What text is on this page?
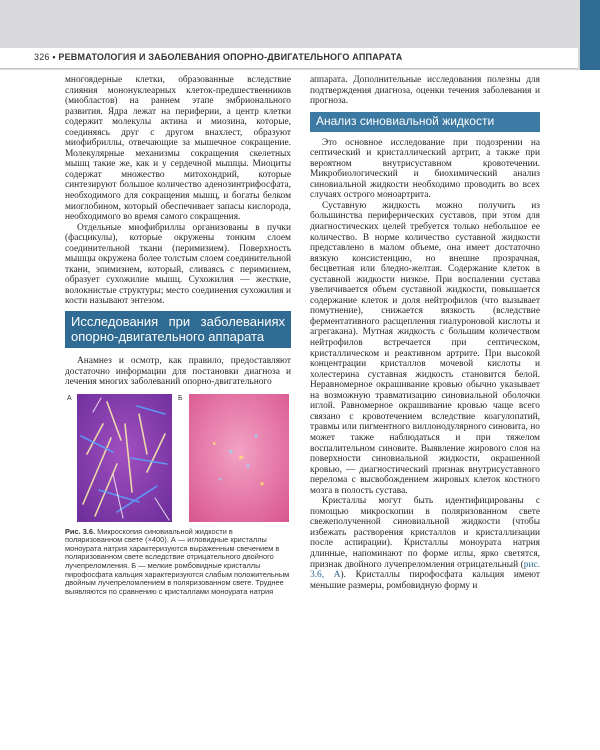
326 • РЕВМАТОЛОГИЯ И ЗАБОЛЕВАНИЯ ОПОРНО-ДВИГАТЕЛЬНОГО АППАРАТА

многоядерные клетки, образованные вследствие слияния мононуклеарных клеток-предшественников (миобластов) на раннем этапе эмбрионального развития. Ядра лежат на периферии, а центр клетки содержит молекулы актина и миозина, которые, соединяясь друг с другом внахлест, образуют миофибриллы, отвечающие за мышечное сокращение. Молекулярные механизмы сокращения скелетных мышц такие же, как и у сердечной мышцы. Миоциты содержат множество митохондрий, которые синтезируют большое количество аденозинтрифосфата, необходимого для сокращения мышц, и богаты белком миоглобином, который обеспечивает запасы кислорода, необходимого во время самого сокращения.

Отдельные миофибриллы организованы в пучки (фасцикулы), которые окружены тонким слоем соединительной ткани (перимизием). Поверхность мышцы окружена более толстым слоем соединительной ткани, эпимизием, который, сливаясь с перимизием, образует сухожилие мышц. Сухожилия — жесткие, волокнистые структуры; место соединения сухожилия и кости называют энтезом.

Исследования при заболеваниях опорно-двигательного аппарата

Анамнез и осмотр, как правило, предоставляют достаточно информации для постановки диагноза и лечения многих заболеваний опорно-двигательного

А	Б
Рис. 3.6. Микроскопия синовиальной жидкости в поляризованном свете (×400). А — игловидные кристаллы моноурата натрия характеризуются выраженным свечением в поляризованном свете вследствие отрицательного двойного лучепреломления. Б — мелкие ромбовидные кристаллы пирофосфата кальция характеризуются слабым положительным двойным лучепреломлением в поляризованном свете. Труднее выявляются по сравнению с кристаллами моноурата натрия

аппарата. Дополнительные исследования полезны для подтверждения диагноза, оценки течения заболевания и прогноза.

Анализ синовиальной жидкости

Это основное исследование при подозрении на септический и кристаллический артрит, а также при вероятном внутрисуставном кровотечении. Микробиологический и биохимический анализ синовиальной жидкости необходимо проводить во всех случаях острого моноартрита.

Суставную жидкость можно получить из большинства периферических суставов, при этом для диагностических целей требуется только небольшое ее количество. В норме количество суставной жидкости представлено в малом объеме, она имеет достаточно вязкую консистенцию, но внешне прозрачная, бесцветная или бледно-желтая. Содержание клеток в суставной жидкости низкое. При воспалении сустава увеличивается объем суставной жидкости, повышается содержание клеток и доля нейтрофилов (что вызывает помутнение), снижается вязкость (вследствие ферментативного расщепления гиалуроновой кислоты и агрегакана). Мутная жидкость с большим количеством нейтрофилов встречается при септическом, кристаллическом и реактивном артрите. При высокой концентрации кристаллов мочевой кислоты и холестерина суставная жидкость становится белой. Неравномерное окрашивание кровью обычно указывает на возможную травматизацию синовиальной оболочки иглой. Равномерное окрашивание кровью чаще всего связано с кровотечением вследствие коагулопатий, травмы или пигментного виллонодулярного синовита, но может также наблюдаться и при тяжелом воспалительном синовите. Выявление жирового слоя на поверхности синовиальной жидкости, окрашенной кровью, — диагностический признак внутрисуставного перелома с высвобождением жировых клеток костного мозга в полость сустава.

Кристаллы могут быть идентифицированы с помощью микроскопии в поляризованном свете свежеполученной синовиальной жидкости (чтобы избежать растворения кристаллов и кристаллизации после аспирации). Кристаллы моноурата натрия длинные, напоминают по форме иглы, ярко светятся, признак двойного лучепреломления отрицательный (рис. 3.6, А). Кристаллы пирофосфата кальция имеют меньшие размеры, ромбовидную форму и
